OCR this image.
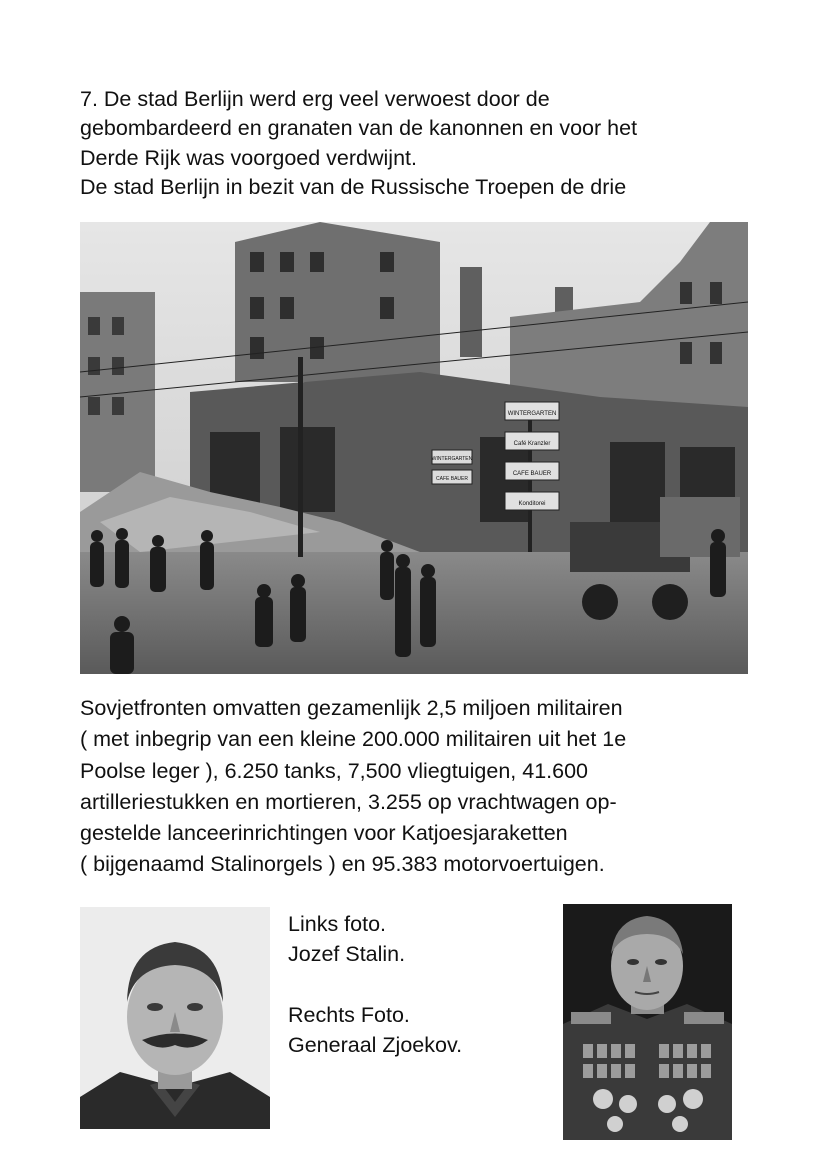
7. De stad Berlijn werd erg veel verwoest door de
gebombardeerd en granaten van de kanonnen en voor het
Derde Rijk was voorgoed verdwijnt.
De stad Berlijn in bezit van de Russische Troepen de drie
WINTERGARTEN
Café Kranzler
CAFE BAUER
Konditorei
WINTERGARTEN
CAFE BAUER
Sovjetfronten omvatten gezamenlijk 2,5 miljoen militairen
( met inbegrip van een kleine 200.000 militairen uit het 1e
Poolse leger ), 6.250 tanks, 7,500 vliegtuigen, 41.600
artilleriestukken en mortieren, 3.255 op vrachtwagen op-
gestelde lanceerinrichtingen voor Katjoesjaraketten
( bijgenaamd Stalinorgels ) en 95.383 motorvoertuigen.
Links foto.
Jozef Stalin.
Rechts Foto.
Generaal Zjoekov.
